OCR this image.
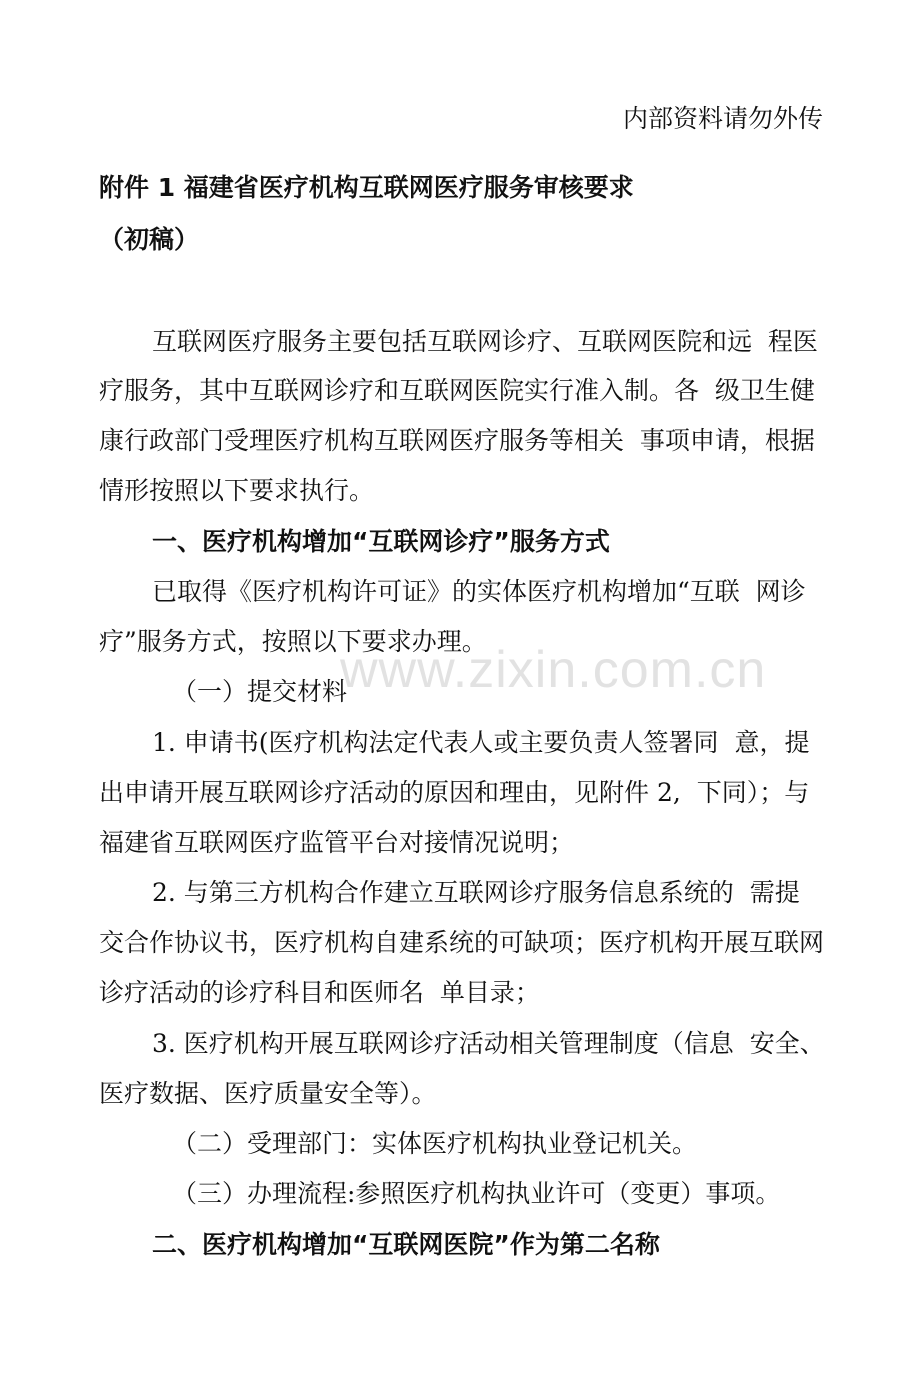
内部资料请勿外传

附件 1 福建省医疗机构互联网医疗服务审核要求

（初稿）

互联网医疗服务主要包括互联网诊疗、互联网医院和远  程医

疗服务，其中互联网诊疗和互联网医院实行准入制。各  级卫生健

康行政部门受理医疗机构互联网医疗服务等相关  事项申请，根据

情形按照以下要求执行。

一、医疗机构增加“互联网诊疗”服务方式

已取得《医疗机构许可证》的实体医疗机构增加“互联  网诊

疗”服务方式，按照以下要求办理。

（一）提交材料

1. 申请书(医疗机构法定代表人或主要负责人签署同  意，提

出申请开展互联网诊疗活动的原因和理由，见附件 2,  下同）；与

福建省互联网医疗监管平台对接情况说明；

2. 与第三方机构合作建立互联网诊疗服务信息系统的  需提

交合作协议书，医疗机构自建系统的可缺项；医疗机构开展互联网

诊疗活动的诊疗科目和医师名  单目录；

3. 医疗机构开展互联网诊疗活动相关管理制度（信息  安全、

医疗数据、医疗质量安全等）。

（二）受理部门：实体医疗机构执业登记机关。

（三）办理流程:参照医疗机构执业许可（变更）事项。

二、医疗机构增加“互联网医院”作为第二名称

www.zixin.com.cn
